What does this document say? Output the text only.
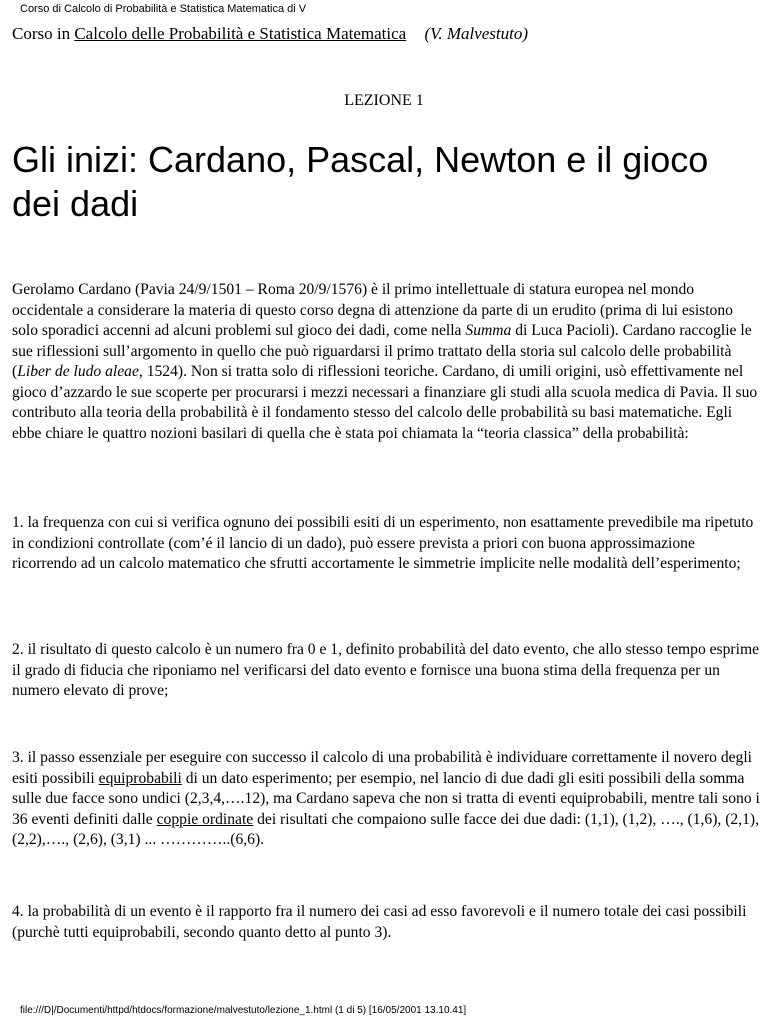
Corso di Calcolo di Probabilità e Statistica Matematica di V
Corso in Calcolo delle Probabilità e Statistica Matematica (V. Malvestuto)
LEZIONE 1
Gli inizi: Cardano, Pascal, Newton e il gioco dei dadi

Gerolamo Cardano (Pavia 24/9/1501 – Roma 20/9/1576) è il primo intellettuale di statura europea nel mondo occidentale a considerare la materia di questo corso degna di attenzione da parte di un erudito (prima di lui esistono solo sporadici accenni ad alcuni problemi sul gioco dei dadi, come nella Summa di Luca Pacioli). Cardano raccoglie le sue riflessioni sull’argomento in quello che può riguardarsi il primo trattato della storia sul calcolo delle probabilità (Liber de ludo aleae, 1524). Non si tratta solo di riflessioni teoriche. Cardano, di umili origini, usò effettivamente nel gioco d’azzardo le sue scoperte per procurarsi i mezzi necessari a finanziare gli studi alla scuola medica di Pavia. Il suo contributo alla teoria della probabilità è il fondamento stesso del calcolo delle probabilità su basi matematiche. Egli ebbe chiare le quattro nozioni basilari di quella che è stata poi chiamata la “teoria classica” della probabilità:

1. la frequenza con cui si verifica ognuno dei possibili esiti di un esperimento, non esattamente prevedibile ma ripetuto in condizioni controllate (com’é il lancio di un dado), può essere prevista a priori con buona approssimazione ricorrendo ad un calcolo matematico che sfrutti accortamente le simmetrie implicite nelle modalità dell’esperimento;

2. il risultato di questo calcolo è un numero fra 0 e 1, definito probabilità del dato evento, che allo stesso tempo esprime il grado di fiducia che riponiamo nel verificarsi del dato evento e fornisce una buona stima della frequenza per un numero elevato di prove;

3. il passo essenziale per eseguire con successo il calcolo di una probabilità è individuare correttamente il novero degli esiti possibili equiprobabili di un dato esperimento; per esempio, nel lancio di due dadi gli esiti possibili della somma sulle due facce sono undici (2,3,4,….12), ma Cardano sapeva che non si tratta di eventi equiprobabili, mentre tali sono i 36 eventi definiti dalle coppie ordinate dei risultati che compaiono sulle facce dei due dadi: (1,1), (1,2), …., (1,6), (2,1), (2,2),…., (2,6), (3,1) ... …………..(6,6).

4. la probabilità di un evento è il rapporto fra il numero dei casi ad esso favorevoli e il numero totale dei casi possibili (purchè tutti equiprobabili, secondo quanto detto al punto 3).

file:///D|/Documenti/httpd/htdocs/formazione/malvestuto/lezione_1.html (1 di 5) [16/05/2001 13.10.41]
